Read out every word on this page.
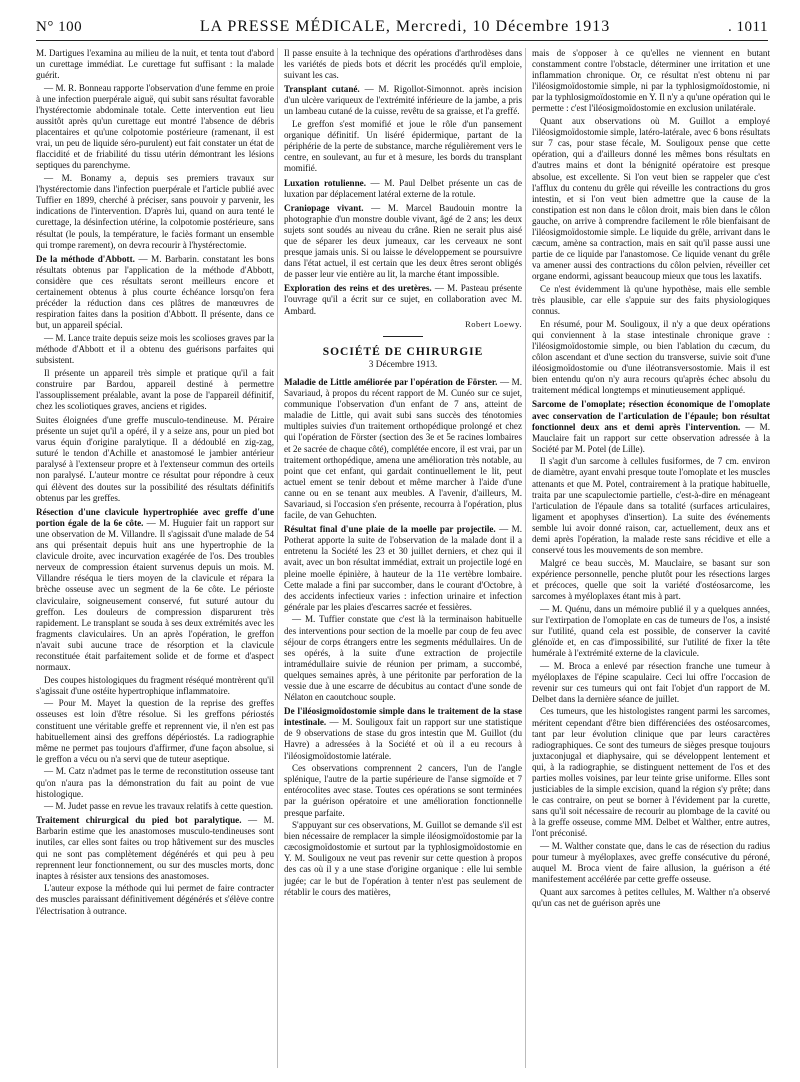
N° 100	LA PRESSE MÉDICALE, Mercredi, 10 Décembre 1913	. 1011

M. Dartigues l'examina au milieu de la nuit, et tenta tout d'abord un curettage immédiat. Le curettage fut suffisant : la malade guérit.

— M. R. Bonneau rapporte l'observation d'une femme en proie à une infection puerpérale aiguë, qui subit sans résultat favorable l'hystérectomie abdominale totale. Cette intervention eut lieu aussitôt après qu'un curettage eut montré l'absence de débris placentaires et qu'une colpotomie postérieure (ramenant, il est vrai, un peu de liquide séro-purulent) eut fait constater un état de flaccidité et de friabilité du tissu utérin démontrant les lésions septiques du parenchyme.

— M. Bonamy a, depuis ses premiers travaux sur l'hystérectomie dans l'infection puerpérale et l'article publié avec Tuffier en 1899, cherché à préciser, sans pouvoir y parvenir, les indications de l'intervention. D'après lui, quand on aura tenté le curettage, la désinfection utérine, la colpotomie postérieure, sans résultat (le pouls, la température, le faciès formant un ensemble qui trompe rarement), on devra recourir à l'hystérectomie.

De la méthode d'Abbott. — M. Barbarin. constatant les bons résultats obtenus par l'application de la méthode d'Abbott, considère que ces résultats seront meilleurs encore et certainement obtenus à plus courte échéance lorsqu'on fera précéder la réduction dans ces plâtres de manœuvres de respiration faites dans la position d'Abbott. Il présente, dans ce but, un appareil spécial.

— M. Lance traite depuis seize mois les scolioses graves par la méthode d'Abbott et il a obtenu des guérisons parfaites qui subsistent.

Il présente un appareil très simple et pratique qu'il a fait construire par Bardou, appareil destiné à permettre l'assouplissement préalable, avant la pose de l'appareil définitif, chez les scoliotiques graves, anciens et rigides.

Suites éloignées d'une greffe musculo-tendineuse. M. Péraire présente un sujet qu'il a opéré, il y a seize ans, pour un pied bot varus équin d'origine paralytique. Il a dédoublé en zig-zag, suturé le tendon d'Achille et anastomosé le jambier antérieur paralysé à l'extenseur propre et à l'extenseur commun des orteils non paralysé. L'auteur montre ce résultat pour répondre à ceux qui élèvent des doutes sur la possibilité des résultats définitifs obtenus par les greffes.

Résection d'une clavicule hypertrophiée avec greffe d'une portion égale de la 6e côte. — M. Huguier fait un rapport sur une observation de M. Villandre. Il s'agissait d'une malade de 54 ans qui présentait depuis huit ans une hypertrophie de la clavicule droite, avec incurvation exagérée de l'os. Des troubles nerveux de compression étaient survenus depuis un mois. M. Villandre réséqua le tiers moyen de la clavicule et répara la brèche osseuse avec un segment de la 6e côte. Le périoste claviculaire, soigneusement conservé, fut suturé autour du greffon. Les douleurs de compression disparurent très rapidement. Le transplant se souda à ses deux extrémités avec les fragments claviculaires. Un an après l'opération, le greffon n'avait subi aucune trace de résorption et la clavicule reconstituée était parfaitement solide et de forme et d'aspect normaux.

Des coupes histologiques du fragment réséqué montrèrent qu'il s'agissait d'une ostéite hypertrophique inflammatoire.

— Pour M. Mayet la question de la reprise des greffes osseuses est loin d'être résolue. Si les greffons périostés constituent une véritable greffe et reprennent vie, il n'en est pas habituellement ainsi des greffons dépériostés. La radiographie même ne permet pas toujours d'affirmer, d'une façon absolue, si le greffon a vécu ou n'a servi que de tuteur aseptique.

— M. Catz n'admet pas le terme de reconstitution osseuse tant qu'on n'aura pas la démonstration du fait au point de vue histologique.

— M. Judet passe en revue les travaux relatifs à cette question.

Traitement chirurgical du pied bot paralytique. — M. Barbarin estime que les anastomoses musculo-tendineuses sont inutiles, car elles sont faites ou trop hâtivement sur des muscles qui ne sont pas complètement dégénérés et qui peu à peu reprennent leur fonctionnement, ou sur des muscles morts, donc inaptes à résister aux tensions des anastomoses.

L'auteur expose la méthode qui lui permet de faire contracter des muscles paraissant définitivement dégénérés et s'élève contre l'électrisation à outrance.

Il passe ensuite à la technique des opérations d'arthrodèses dans les variétés de pieds bots et décrit les procédés qu'il emploie, suivant les cas.

Transplant cutané. — M. Rigollot-Simonnot. après incision d'un ulcère variqueux de l'extrémité inférieure de la jambe, a pris un lambeau cutané de la cuisse, revêtu de sa graisse, et l'a greffé.

Le greffon s'est momifié et joue le rôle d'un pansement organique définitif. Un liséré épidermique, partant de la périphérie de la perte de substance, marche régulièrement vers le centre, en soulevant, au fur et à mesure, les bords du transplant momifié.

Luxation rotulienne. — M. Paul Delbet présente un cas de luxation par déplacement latéral externe de la rotule.

Craniopage vivant. — M. Marcel Baudouin montre la photographie d'un monstre double vivant, âgé de 2 ans; les deux sujets sont soudés au niveau du crâne. Rien ne serait plus aisé que de séparer les deux jumeaux, car les cerveaux ne sont presque jamais unis. Si ou laisse le développement se poursuivre dans l'état actuel, il est certain que les deux êtres seront obligés de passer leur vie entière au lit, la marche étant impossible.

Exploration des reins et des uretères. — M. Pasteau présente l'ouvrage qu'il a écrit sur ce sujet, en collaboration avec M. Ambard.

Robert Loewy.
SOCIÉTÉ DE CHIRURGIE
3 Décembre 1913.

Maladie de Little améliorée par l'opération de Förster. — M. Savariaud, à propos du récent rapport de M. Cunéo sur ce sujet, communique l'observation d'un enfant de 7 ans, atteint de maladie de Little, qui avait subi sans succès des ténotomies multiples suivies d'un traitement orthopédique prolongé et chez qui l'opération de Förster (section des 3e et 5e racines lombaires et 2e sacrée de chaque côté), complétée encore, il est vrai, par un traitement orthopédique, amena une amélioration très notable, au point que cet enfant, qui gardait continuellement le lit, peut actuel ement se tenir debout et même marcher à l'aide d'une canne ou en se tenant aux meubles. A l'avenir, d'ailleurs, M. Savariaud, si l'occasion s'en présente, recourra à l'opération, plus facile, de van Gehuchten.

Résultat final d'une plaie de la moelle par projectile. — M. Potherat apporte la suite de l'observation de la malade dont il a entretenu la Société les 23 et 30 juillet derniers, et chez qui il avait, avec un bon résultat immédiat, extrait un projectile logé en pleine moelle épinière, à hauteur de la 11e vertèbre lombaire. Cette malade a fini par succomber, dans le courant d'Octobre, à des accidents infectieux varies : infection urinaire et infection générale par les plaies d'escarres sacrée et fessières.

— M. Tuffier constate que c'est là la terminaison habituelle des interventions pour section de la moelle par coup de feu avec séjour de corps étrangers entre les segments médullaires. Un de ses opérés, à la suite d'une extraction de projectile intramédullaire suivie de réunion per primam, a succombé, quelques semaines après, à une péritonite par perforation de la vessie due à une escarre de décubitus au contact d'une sonde de Nélaton en caoutchouc souple.

De l'iléosigmoïdostomie simple dans le traitement de la stase intestinale. — M. Souligoux fait un rapport sur une statistique de 9 observations de stase du gros intestin que M. Guillot (du Havre) a adressées à la Société et où il a eu recours à l'iléosigmoïdostomie latérale.

Ces observations comprennent 2 cancers, l'un de l'angle splénique, l'autre de la partie supérieure de l'anse sigmoïde et 7 entérocolites avec stase. Toutes ces opérations se sont terminées par la guérison opératoire et une amélioration fonctionnelle presque parfaite.

S'appuyant sur ces observations, M. Guillot se demande s'il est bien nécessaire de remplacer la simple iléosigmoïdostomie par la cæcosigmoïdostomie et surtout par la typhlosigmoïdostomie en Y. M. Souligoux ne veut pas revenir sur cette question à propos des cas où il y a une stase d'origine organique : elle lui semble jugée; car le but de l'opération à tenter n'est pas seulement de rétablir le cours des matières,

mais de s'opposer à ce qu'elles ne viennent en butant constamment contre l'obstacle, déterminer une irritation et une inflammation chronique. Or, ce résultat n'est obtenu ni par l'iléosigmoïdostomie simple, ni par la typhlosigmoïdostomie, ni par la typhlosigmoïdostomie en Y. Il n'y a qu'une opération qui le permette : c'est l'iléosigmoïdostomie en exclusion unilatérale.

Quant aux observations où M. Guillot a employé l'iléosigmoïdostomie simple, latéro-latérale, avec 6 bons résultats sur 7 cas, pour stase fécale, M. Souligoux pense que cette opération, qui a d'ailleurs donné les mêmes bons résultats en d'autres mains et dont la bénignité opératoire est presque absolue, est excellente. Si l'on veut bien se rappeler que c'est l'afflux du contenu du grêle qui réveille les contractions du gros intestin, et si l'on veut bien admettre que la cause de la constipation est non dans le côlon droit, mais bien dans le côlon gauche, on arrive à comprendre facilement le rôle bienfaisant de l'iléosigmoïdostomie simple. Le liquide du grêle, arrivant dans le cæcum, amène sa contraction, mais en sait qu'il passe aussi une partie de ce liquide par l'anastomose. Ce liquide venant du grêle va amener aussi des contractions du côlon pelvien, réveiller cet organe endormi, agissant beaucoup mieux que tous les laxatifs.

Ce n'est évidemment là qu'une hypothèse, mais elle semble très plausible, car elle s'appuie sur des faits physiologiques connus.

En résumé, pour M. Souligoux, il n'y a que deux opérations qui conviennent à la stase intestinale chronique grave : l'iléosigmoïdostomie simple, ou bien l'ablation du cæcum, du côlon ascendant et d'une section du transverse, suivie soit d'une iléosigmoïdostomie ou d'une iléotransversostomie. Mais il est bien entendu qu'on n'y aura recours qu'après échec absolu du traitement médical longtemps et minutieusement appliqué.

Sarcome de l'omoplate; résection économique de l'omoplate avec conservation de l'articulation de l'épaule; bon résultat fonctionnel deux ans et demi après l'intervention. — M. Mauclaire fait un rapport sur cette observation adressée à la Société par M. Potel (de Lille).

Il s'agit d'un sarcome à cellules fusiformes, de 7 cm. environ de diamètre, ayant envahi presque toute l'omoplate et les muscles attenants et que M. Potel, contrairement à la pratique habituelle, traita par une scapulectomie partielle, c'est-à-dire en ménageant l'articulation de l'épaule dans sa totalité (surfaces articulaires, ligament et apophyses d'insertion). La suite des événements semble lui avoir donné raison, car, actuellement, deux ans et demi après l'opération, la malade reste sans récidive et elle a conservé tous les mouvements de son membre.

Malgré ce beau succès, M. Mauclaire, se basant sur son expérience personnelle, penche plutôt pour les résections larges et précoces, quelle que soit la variété d'ostéosarcome, les sarcomes à myéloplaxes étant mis à part.

— M. Quénu, dans un mémoire publié il y a quelques années, sur l'extirpation de l'omoplate en cas de tumeurs de l'os, a insisté sur l'utilité, quand cela est possible, de conserver la cavité glénoïde et, en cas d'impossibilité, sur l'utilité de fixer la tête humérale à l'extrémité externe de la clavicule.

— M. Broca a enlevé par résection franche une tumeur à myéloplaxes de l'épine scapulaire. Ceci lui offre l'occasion de revenir sur ces tumeurs qui ont fait l'objet d'un rapport de M. Delbet dans la dernière séance de juillet.

Ces tumeurs, que les histologistes rangent parmi les sarcomes, méritent cependant d'être bien différenciées des ostéosarcomes, tant par leur évolution clinique que par leurs caractères radiographiques. Ce sont des tumeurs de sièges presque toujours juxtaconjugal et diaphysaire, qui se développent lentement et qui, à la radiographie, se distinguent nettement de l'os et des parties molles voisines, par leur teinte grise uniforme. Elles sont justiciables de la simple excision, quand la région s'y prête; dans le cas contraire, on peut se borner à l'évidement par la curette, sans qu'il soit nécessaire de recourir au plombage de la cavité ou à la greffe osseuse, comme MM. Delbet et Walther, entre autres, l'ont préconisé.

— M. Walther constate que, dans le cas de résection du radius pour tumeur à myéloplaxes, avec greffe consécutive du péroné, auquel M. Broca vient de faire allusion, la guérison a été manifestement accélérée par cette greffe osseuse.

Quant aux sarcomes à petites cellules, M. Walther n'a observé qu'un cas net de guérison après une
